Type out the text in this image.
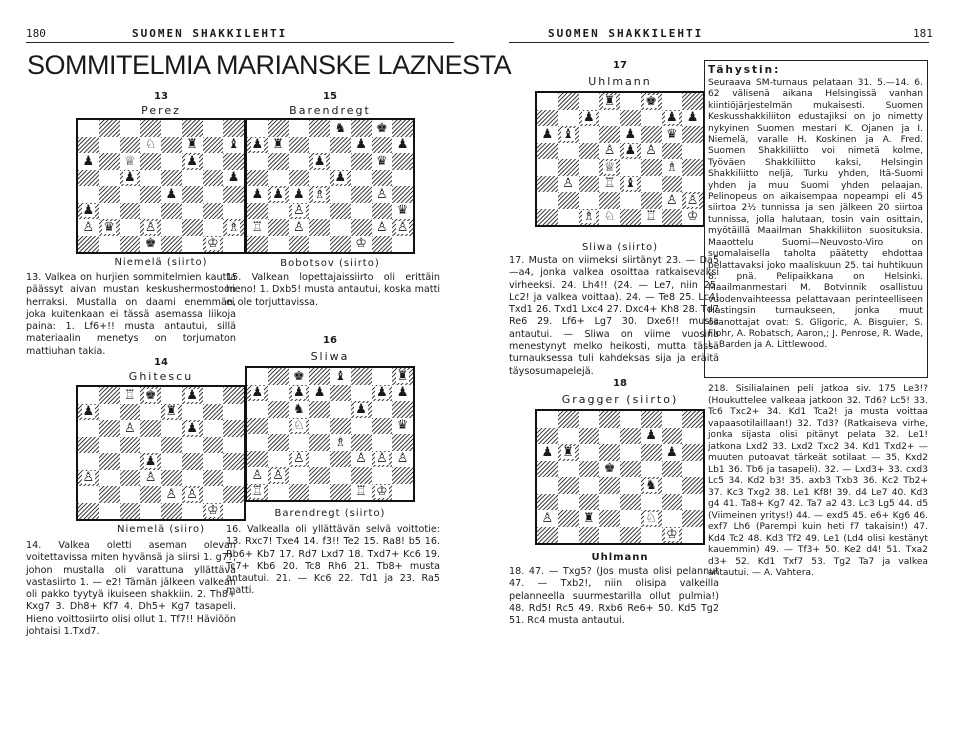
180	SUOMEN SHAKKILEHTI
SOMMITELMIA MARIANSKE LAZNESTA
13
Perez
♘ ♜ ♝
♟ ♕	♟
♟	♟
♟
♟
♙ ♛ ♙	♗
♚	♔
Niemelä (siirto)
13. Valkea on hurjien sommitelmien kautta päässyt aivan mustan keskushermostoon herraksi. Mustalla on daami enemmän, joka kuitenkaan ei tässä asemassa liikoja paina: 1. Lf6+!! musta antautui, sillä materiaalin menetys on torjumaton mattiuhan takia.
14
Ghitescu
♖ ♚ ♟
♟	♜
♙	♟
♟
♙	♙
♙ ♙
♔
Niemelä (siiro)
14. Valkea oletti aseman olevan voitettavissa miten hyvänsä ja siirsi 1. g7?, johon mustalla oli varattuna yllättävä vastasiirto 1. — e2! Tämän jälkeen valkean oli pakko tyytyä ikuiseen shakkiin. 2. Th8+ Kxg7 3. Dh8+ Kf7 4. Dh5+ Kg7 tasapeli. Hieno voittosiirto olisi ollut 1. Tf7!! Häviöön johtaisi 1.Txd7.
15
Barendregt
♞ ♚
♟ ♜	♟ ♟
♟	♛
♟
♟ ♟ ♟ ♗	♙
♙	♛
♖ ♙	♙ ♙
♔
Bobotsov (siirto)
15. Valkean lopettajaissiirto oli erittäin hieno! 1. Dxb5! musta antautui, koska matti ei ole torjuttavissa.
16
Sliwa
♚ ♝	♜
♟ ♟ ♟	♟ ♟
♞	♟
♘	♛
♗
♙	♙ ♙ ♙
♙ ♙
♖	♖ ♔
Barendregt (siirto)
16. Valkealla oli yllättävän selvä voittotie: 13. Rxc7! Txe4 14. f3!! Te2 15. Ra8! b5 16. Rb6+ Kb7 17. Rd7 Lxd7 18. Txd7+ Kc6 19. Tc7+ Kb6 20. Tc8 Rh6 21. Tb8+ musta antautui. 21. — Kc6 22. Td1 ja 23. Ra5 matti.
SUOMEN SHAKKILEHTI	181
17
Uhlmann
♜ ♚
♟	♟ ♟
♟ ♝	♟ ♛
♙ ♟ ♙
♕	♗
♙ ♖ ♝
♙ ♙
♗ ♘ ♖ ♔
Sliwa (siirto)
17. Musta on viimeksi siirtänyt 23. — Da5—a4, jonka valkea osoittaa ratkaisevaksi virheeksi. 24. Lh4!! (24. — Le7, niin 25. Lc2! ja valkea voittaa). 24. — Te8 25. Lc4! Txd1 26. Txd1 Lxc4 27. Dxc4+ Kh8 28. Td7 Re6 29. Lf6+ Lg7 30. Dxe6!! musta antautui. — Sliwa on viime vuosina menestynyt melko heikosti, mutta tässä turnauksessa tuli kahdeksas sija ja eräitä täysosumapelejä.
18
Gragger (siirto)
♟
♟ ♜	♟
♚
♞
♙ ♜	♘
♔
Uhlmann
18. 47. — Txg5? (Jos musta olisi pelannut 47. — Txb2!, niin olisipa valkeilla pelanneella suurmestarilla ollut pulmia!) 48. Rd5! Rc5 49. Rxb6 Re6+ 50. Kd5 Tg2 51. Rc4 musta antautui.
Tähystin:
Seuraava SM-turnaus pelataan 31. 5.—14. 6. 62 välisenä aikana Helsingissä vanhan kiintiöjärjestelmän mukaisesti. Suomen Keskusshakkiliiton edustajiksi on jo nimetty nykyinen Suomen mestari K. Ojanen ja I. Niemelä, varalle H. Koskinen ja A. Fred. Suomen Shakkiliitto voi nimetä kolme, Työväen Shakkiliitto kaksi, Helsingin Shakkiliitto neljä, Turku yhden, Itä-Suomi yhden ja muu Suomi yhden pelaajan. Pelinopeus on aikaisempaa nopeampi eli 45 siirtoa 2½ tunnissa ja sen jälkeen 20 siirtoa tunnissa, jolla halutaan, tosin vain osittain, myötäillä Maailman Shakkiliiton suosituksia. Maaottelu Suomi—Neuvosto-Viro on suomalaisella taholta päätetty ehdottaa pelattavaksi joko maaliskuun 25. tai huhtikuun 8. pnä. Pelipaikkana on Helsinki. Maailmanmestari M. Botvinnik osallistuu vuodenvaihteessa pelattavaan perinteelliseen Hastingsin turnaukseen, jonka muut osanottajat ovat: S. Gligoric, A. Bisguier, S. Flohr, A. Robatsch, Aaron,; J. Penrose, R. Wade, L. Barden ja A. Littlewood.
218. Sisilialainen peli jatkoa siv. 175 Le3!? (Houkuttelee valkeaa jatkoon 32. Td6? Lc5! 33. Tc6 Txc2+ 34. Kd1 Tca2! ja musta voittaa vapaasotilaillaan!) 32. Td3? (Ratkaiseva virhe, jonka sijasta olisi pitänyt pelata 32. Le1! jatkona Lxd2 33. Lxd2 Txc2 34. Kd1 Txd2+ — muuten putoavat tärkeät sotilaat — 35. Kxd2 Lb1 36. Tb6 ja tasapeli). 32. — Lxd3+ 33. cxd3 Lc5 34. Kd2 b3! 35. axb3 Txb3 36. Kc2 Tb2+ 37. Kc3 Txg2 38. Le1 Kf8! 39. d4 Le7 40. Kd3 g4 41. Ta8+ Kg7 42. Ta7 a2 43. Lc3 Lg5 44. d5 (Viimeinen yritys!) 44. — exd5 45. e6+ Kg6 46. exf7 Lh6 (Parempi kuin heti f7 takaisin!) 47. Kd4 Tc2 48. Kd3 Tf2 49. Le1 (Ld4 olisi kestänyt kauemmin) 49. — Tf3+ 50. Ke2 d4! 51. Txa2 d3+ 52. Kd1 Txf7 53. Tg2 Ta7 ja valkea antautui. — A. Vahtera.
